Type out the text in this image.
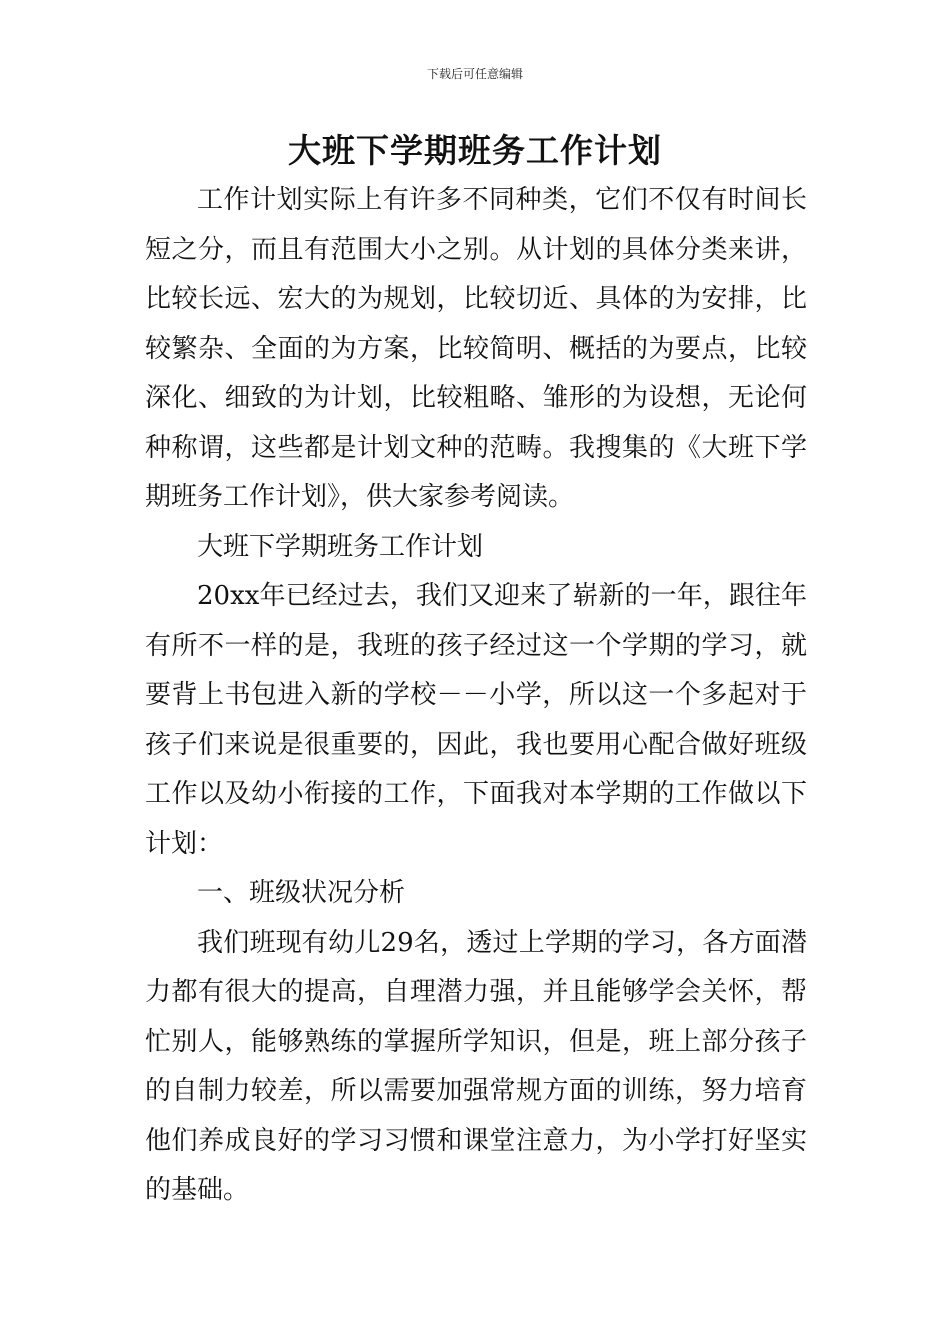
下载后可任意编辑
大班下学期班务工作计划

工作计划实际上有许多不同种类，它们不仅有时间长短之分，而且有范围大小之别。从计划的具体分类来讲，比较长远、宏大的为规划，比较切近、具体的为安排，比较繁杂、全面的为方案，比较简明、概括的为要点，比较深化、细致的为计划，比较粗略、雏形的为设想，无论何种称谓，这些都是计划文种的范畴。我搜集的《大班下学期班务工作计划》，供大家参考阅读。

大班下学期班务工作计划

20xx年已经过去，我们又迎来了崭新的一年，跟往年有所不一样的是，我班的孩子经过这一个学期的学习，就要背上书包进入新的学校－－小学，所以这一个多起对于孩子们来说是很重要的，因此，我也要用心配合做好班级工作以及幼小衔接的工作，下面我对本学期的工作做以下计划：

一、班级状况分析

我们班现有幼儿29名，透过上学期的学习，各方面潜力都有很大的提高，自理潜力强，并且能够学会关怀，帮忙别人，能够熟练的掌握所学知识，但是，班上部分孩子的自制力较差，所以需要加强常规方面的训练，努力培育他们养成良好的学习习惯和课堂注意力，为小学打好坚实的基础。
